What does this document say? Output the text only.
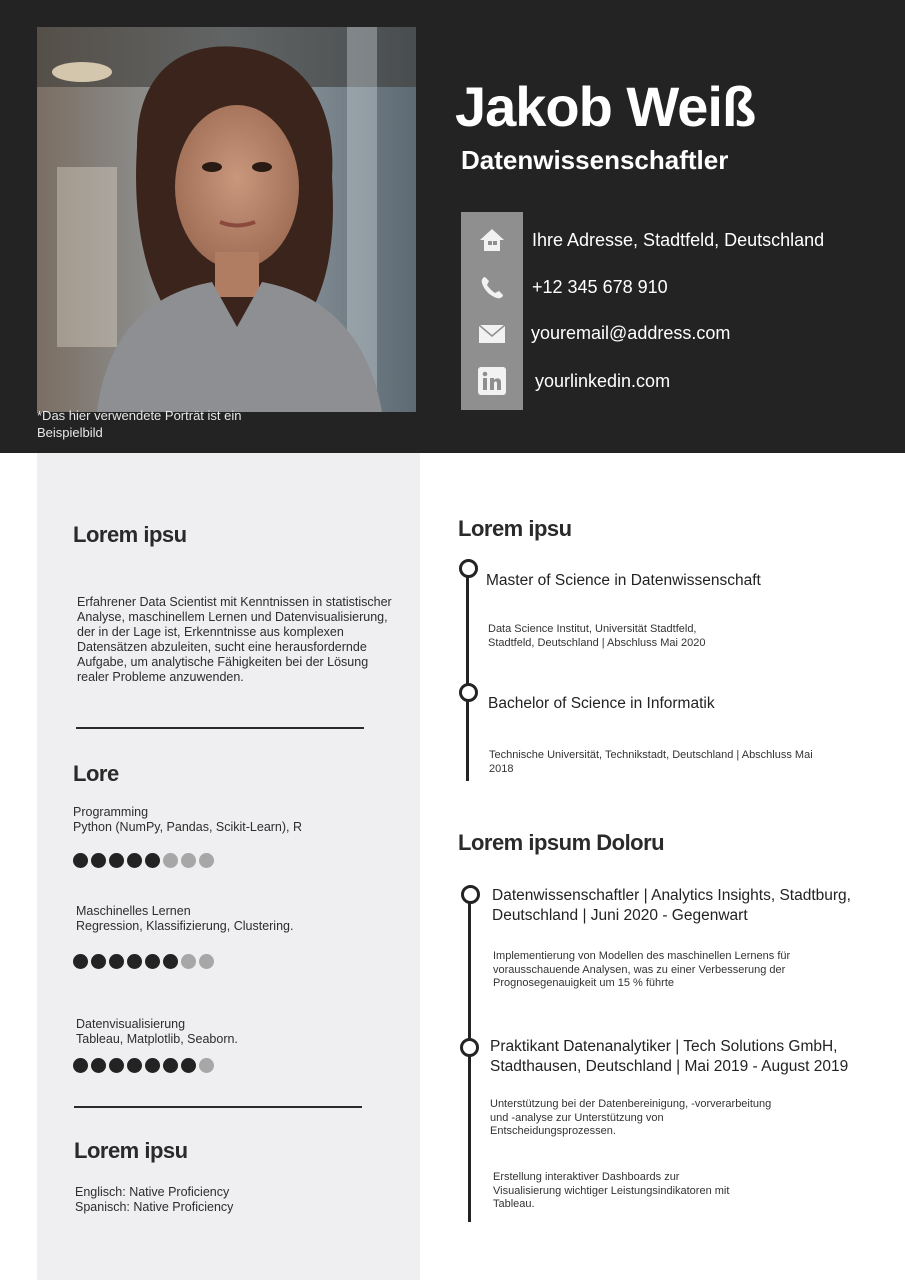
*Das hier verwendete Porträt ist ein Beispielbild
Jakob Weiß
Datenwissenschaftler
Ihre Adresse, Stadtfeld, Deutschland
+12 345 678 910
youremail@address.com
yourlinkedin.com
Lorem ipsu
Erfahrener Data Scientist mit Kenntnissen in statistischer Analyse, maschinellem Lernen und Datenvisualisierung, der in der Lage ist, Erkenntnisse aus komplexen Datensätzen abzuleiten, sucht eine herausfordernde Aufgabe, um analytische Fähigkeiten bei der Lösung realer Probleme anzuwenden.
Lore
Programming
Python (NumPy, Pandas, Scikit-Learn), R
Maschinelles Lernen
Regression, Klassifizierung, Clustering.
Datenvisualisierung
Tableau, Matplotlib, Seaborn.
Lorem ipsu
Englisch: Native Proficiency
Spanisch: Native Proficiency
Lorem ipsu
Master of Science in Datenwissenschaft
Data Science Institut, Universität Stadtfeld, Stadtfeld, Deutschland | Abschluss Mai 2020
Bachelor of Science in Informatik
Technische Universität, Technikstadt, Deutschland | Abschluss Mai 2018
Lorem ipsum Doloru
Datenwissenschaftler | Analytics Insights, Stadtburg, Deutschland | Juni 2020 - Gegenwart
Implementierung von Modellen des maschinellen Lernens für vorausschauende Analysen, was zu einer Verbesserung der Prognosegenauigkeit um 15 % führte
Praktikant Datenanalytiker | Tech Solutions GmbH, Stadthausen, Deutschland | Mai 2019 - August 2019
Unterstützung bei der Datenbereinigung, -vorverarbeitung und -analyse zur Unterstützung von Entscheidungsprozessen.
Erstellung interaktiver Dashboards zur Visualisierung wichtiger Leistungsindikatoren mit Tableau.
